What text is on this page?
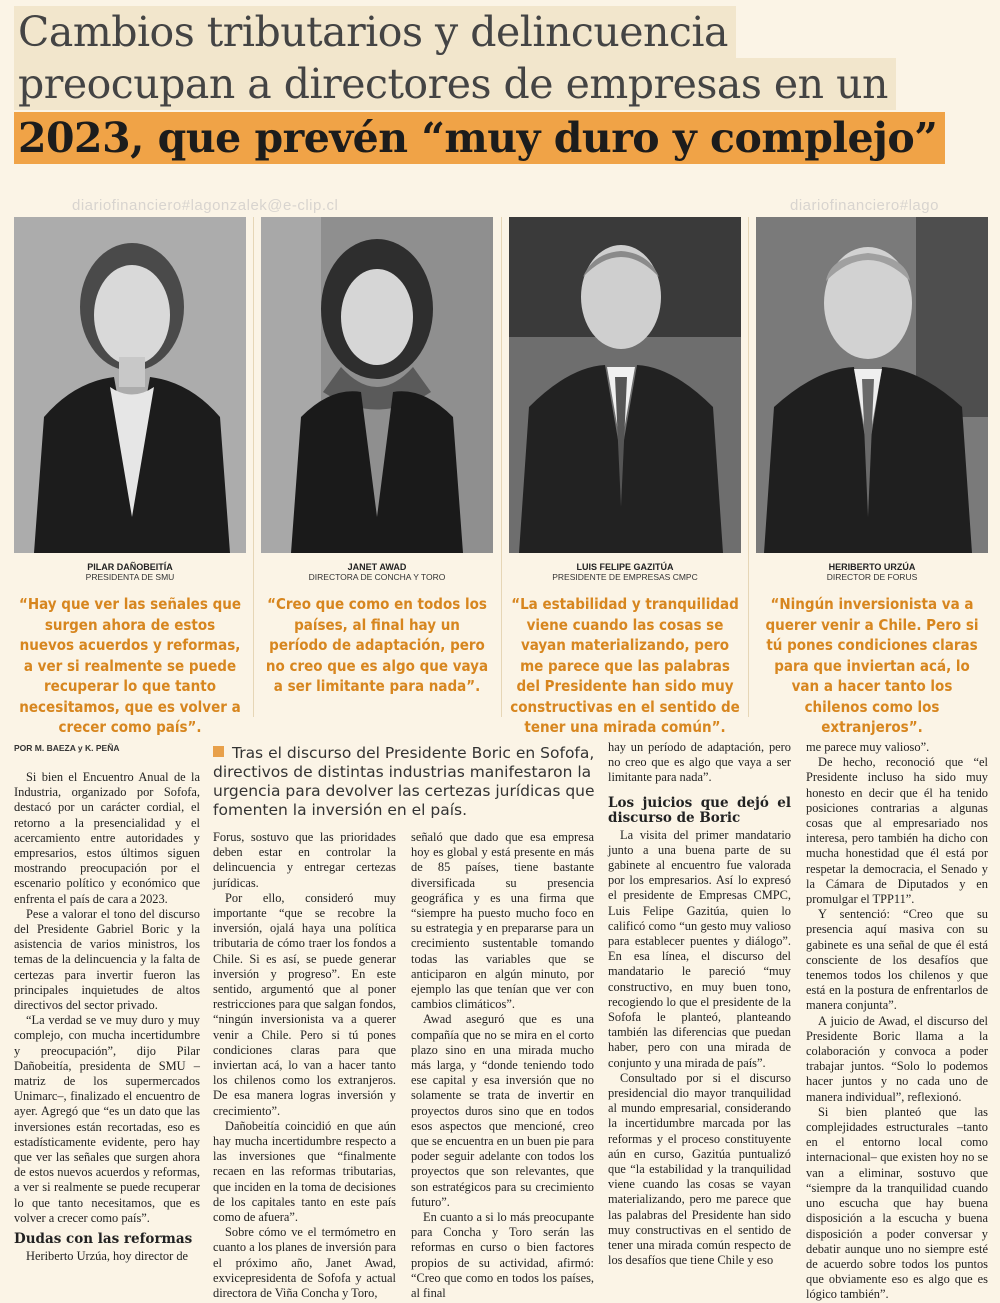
Cambios tributarios y delincuencia
preocupan a directores de empresas en un
2023, que prevén “muy duro y complejo”
diariofinanciero#lagonzalek@e-clip.cl	diariofinanciero#lago
PILAR DAÑOBEITÍA
PRESIDENTA DE SMU
JANET AWAD
DIRECTORA DE CONCHA Y TORO
LUIS FELIPE GAZITÚA
PRESIDENTE DE EMPRESAS CMPC
HERIBERTO URZÚA
DIRECTOR DE FORUS
“Hay que ver las señales que surgen ahora de estos nuevos acuerdos y reformas, a ver si realmente se puede recuperar lo que tanto necesitamos, que es volver a crecer como país”.
“Creo que como en todos los países, al final hay un período de adaptación, pero no creo que es algo que vaya a ser limitante para nada”.
“La estabilidad y tranquilidad viene cuando las cosas se vayan materializando, pero me parece que las palabras del Presidente han sido muy constructivas en el sentido de tener una mirada común”.
“Ningún inversionista va a querer venir a Chile. Pero si tú pones condiciones claras para que inviertan acá, lo van a hacer tanto los chilenos como los extranjeros”.
POR M. BAEZA y K. PEÑA	Tras el discurso del Presidente Boric en Sofofa, directivos de distintas industrias manifestaron la urgencia para devolver las certezas jurídicas que fomenten la inversión en el país.

Si bien el Encuentro Anual de la Industria, organizado por Sofofa, destacó por un carácter cordial, el retorno a la presencialidad y el acercamiento entre autoridades y empresarios, estos últimos siguen mostrando preocupación por el escenario político y económico que enfrenta el país de cara a 2023.

Pese a valorar el tono del discurso del Presidente Gabriel Boric y la asistencia de varios ministros, los temas de la delincuencia y la falta de certezas para invertir fueron las principales inquietudes de altos directivos del sector privado.

“La verdad se ve muy duro y muy complejo, con mucha incertidumbre y preocupación”, dijo Pilar Dañobeitía, presidenta de SMU –matriz de los supermercados Unimarc–, finalizado el encuentro de ayer. Agregó que “es un dato que las inversiones están recortadas, eso es estadísticamente evidente, pero hay que ver las señales que surgen ahora de estos nuevos acuerdos y reformas, a ver si realmente se puede recuperar lo que tanto necesitamos, que es volver a crecer como país”.

Dudas con las reformas

Heriberto Urzúa, hoy director de

Forus, sostuvo que las prioridades deben estar en controlar la delincuencia y entregar certezas jurídicas.

Por ello, consideró muy importante “que se recobre la inversión, ojalá haya una política tributaria de cómo traer los fondos a Chile. Si es así, se puede generar inversión y progreso”. En este sentido, argumentó que al poner restricciones para que salgan fondos, “ningún inversionista va a querer venir a Chile. Pero si tú pones condiciones claras para que inviertan acá, lo van a hacer tanto los chilenos como los extranjeros. De esa manera logras inversión y crecimiento”.

Dañobeitía coincidió en que aún hay mucha incertidumbre respecto a las inversiones que “finalmente recaen en las reformas tributarias, que inciden en la toma de decisiones de los capitales tanto en este país como de afuera”.

Sobre cómo ve el termómetro en cuanto a los planes de inversión para el próximo año, Janet Awad, exvicepresidenta de Sofofa y actual directora de Viña Concha y Toro,

señaló que dado que esa empresa hoy es global y está presente en más de 85 países, tiene bastante diversificada su presencia geográfica y es una firma que “siempre ha puesto mucho foco en su estrategia y en prepararse para un crecimiento sustentable tomando todas las variables que se anticiparon en algún minuto, por ejemplo las que tenían que ver con cambios climáticos”.

Awad aseguró que es una compañía que no se mira en el corto plazo sino en una mirada mucho más larga, y “donde teniendo todo ese capital y esa inversión que no solamente se trata de invertir en proyectos duros sino que en todos esos aspectos que mencioné, creo que se encuentra en un buen pie para poder seguir adelante con todos los proyectos que son relevantes, que son estratégicos para su crecimiento futuro”.

En cuanto a si lo más preocupante para Concha y Toro serán las reformas en curso o bien factores propios de su actividad, afirmó: “Creo que como en todos los países, al final

hay un período de adaptación, pero no creo que es algo que vaya a ser limitante para nada”.

Los juicios que dejó el discurso de Boric

La visita del primer mandatario junto a una buena parte de su gabinete al encuentro fue valorada por los empresarios. Así lo expresó el presidente de Empresas CMPC, Luis Felipe Gazitúa, quien lo calificó como “un gesto muy valioso para establecer puentes y diálogo”. En esa línea, el discurso del mandatario le pareció “muy constructivo, en muy buen tono, recogiendo lo que el presidente de la Sofofa le planteó, planteando también las diferencias que puedan haber, pero con una mirada de conjunto y una mirada de país”.

Consultado por si el discurso presidencial dio mayor tranquilidad al mundo empresarial, considerando la incertidumbre marcada por las reformas y el proceso constituyente aún en curso, Gazitúa puntualizó que “la estabilidad y la tranquilidad viene cuando las cosas se vayan materializando, pero me parece que las palabras del Presidente han sido muy constructivas en el sentido de tener una mirada común respecto de los desafíos que tiene Chile y eso

me parece muy valioso”.

De hecho, reconoció que “el Presidente incluso ha sido muy honesto en decir que él ha tenido posiciones contrarias a algunas cosas que al empresariado nos interesa, pero también ha dicho con mucha honestidad que él está por respetar la democracia, el Senado y la Cámara de Diputados y en promulgar el TPP11”.

Y sentenció: “Creo que su presencia aquí masiva con su gabinete es una señal de que él está consciente de los desafíos que tenemos todos los chilenos y que está en la postura de enfrentarlos de manera conjunta”.

A juicio de Awad, el discurso del Presidente Boric llama a la colaboración y convoca a poder trabajar juntos. “Solo lo podemos hacer juntos y no cada uno de manera individual”, reflexionó.

Si bien planteó que las complejidades estructurales –tanto en el entorno local como internacional– que existen hoy no se van a eliminar, sostuvo que “siempre da la tranquilidad cuando uno escucha que hay buena disposición a la escucha y buena disposición a poder conversar y debatir aunque uno no siempre esté de acuerdo sobre todos los puntos que obviamente eso es algo que es lógico también”.
